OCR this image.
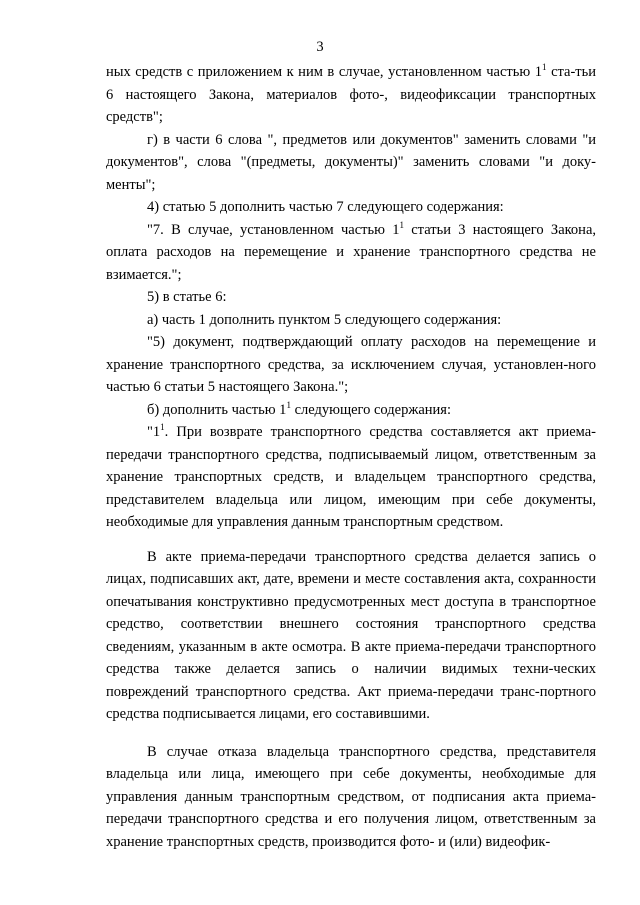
3

ных средств с приложением к ним в случае, установленном частью $1^1$ ста-тьи 6 настоящего Закона, материалов фото-, видеофиксации транспортных средств";

г) в части 6 слова ", предметов или документов" заменить словами "и документов", слова "(предметы, документы)" заменить словами "и доку-менты";

4) статью 5 дополнить частью 7 следующего содержания:

"7. В случае, установленном частью $1^1$ статьи 3 настоящего Закона, оплата расходов на перемещение и хранение транспортного средства не взимается.";

5) в статье 6:

а) часть 1 дополнить пунктом 5 следующего содержания:

"5) документ, подтверждающий оплату расходов на перемещение и хранение транспортного средства, за исключением случая, установлен-ного частью 6 статьи 5 настоящего Закона.";

б) дополнить частью $1^1$ следующего содержания:

"$1^1$. При возврате транспортного средства составляется акт приема-передачи транспортного средства, подписываемый лицом, ответственным за хранение транспортных средств, и владельцем транспортного средства, представителем владельца или лицом, имеющим при себе документы, необходимые для управления данным транспортным средством.

В акте приема-передачи транспортного средства делается запись о лицах, подписавших акт, дате, времени и месте составления акта, сохранности опечатывания конструктивно предусмотренных мест доступа в транспортное средство, соответствии внешнего состояния транспортного средства сведениям, указанным в акте осмотра. В акте приема-передачи транспортного средства также делается запись о наличии видимых техни-ческих повреждений транспортного средства. Акт приема-передачи транс-портного средства подписывается лицами, его составившими.

В случае отказа владельца транспортного средства, представителя владельца или лица, имеющего при себе документы, необходимые для управления данным транспортным средством, от подписания акта приема-передачи транспортного средства и его получения лицом, ответственным за хранение транспортных средств, производится фото- и (или) видеофик-
